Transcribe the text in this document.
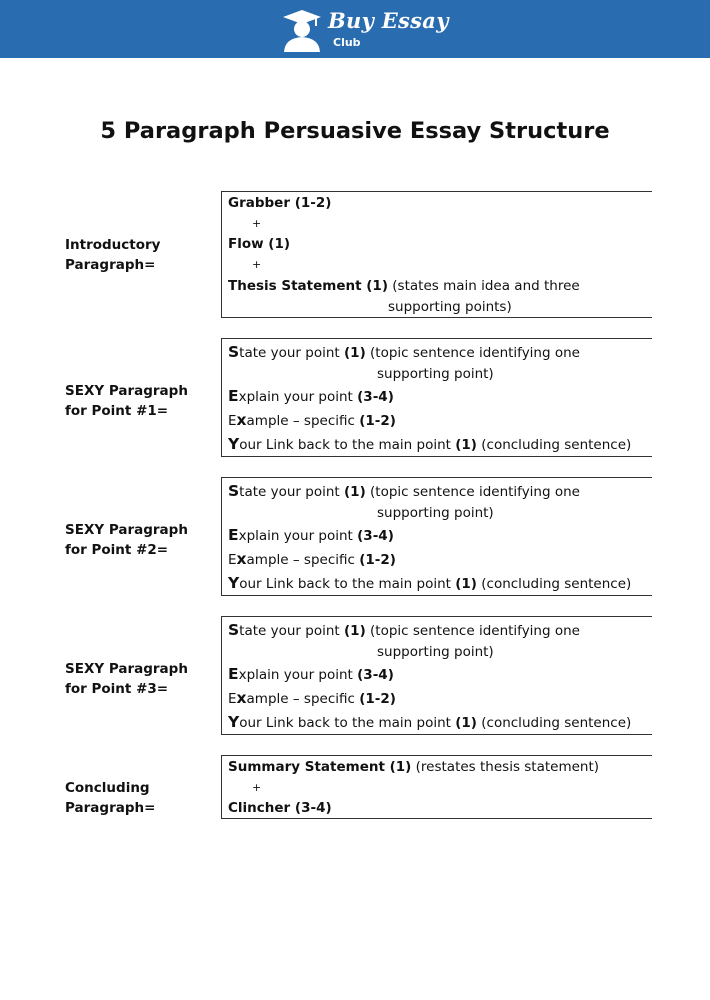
Buy Essay
Club
5 Paragraph Persuasive Essay Structure
Introductory
Paragraph=
Grabber (1-2)
+
Flow (1)
+
Thesis Statement (1) (states main idea and three
supporting points)
SEXY Paragraph
for Point #1=
State your point (1) (topic sentence identifying one
supporting point)
Explain your point (3-4)
Example – specific (1-2)
Your Link back to the main point (1) (concluding sentence)
SEXY Paragraph
for Point #2=
State your point (1) (topic sentence identifying one
supporting point)
Explain your point (3-4)
Example – specific (1-2)
Your Link back to the main point (1) (concluding sentence)
SEXY Paragraph
for Point #3=
State your point (1) (topic sentence identifying one
supporting point)
Explain your point (3-4)
Example – specific (1-2)
Your Link back to the main point (1) (concluding sentence)
Concluding
Paragraph=
Summary Statement (1) (restates thesis statement)
+
Clincher (3-4)
